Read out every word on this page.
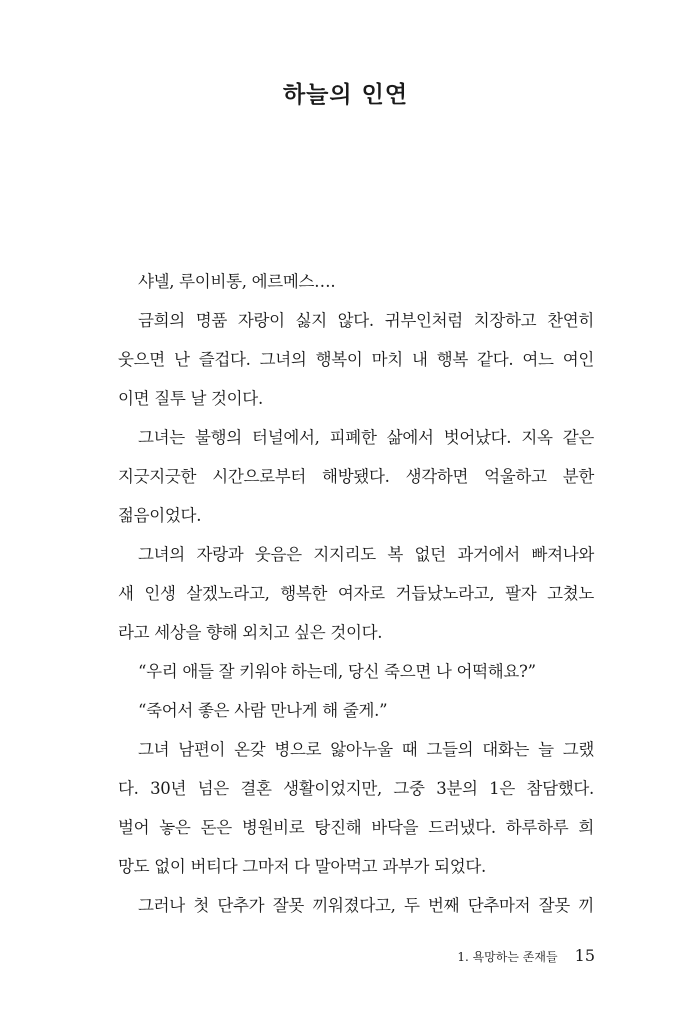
하늘의 인연
샤넬, 루이비통, 에르메스….
금희의 명품 자랑이 싫지 않다. 귀부인처럼 치장하고 찬연히
웃으면 난 즐겁다. 그녀의 행복이 마치 내 행복 같다. 여느 여인
이면 질투 날 것이다.
그녀는 불행의 터널에서, 피폐한 삶에서 벗어났다. 지옥 같은
지긋지긋한 시간으로부터 해방됐다. 생각하면 억울하고 분한
젊음이었다.
그녀의 자랑과 웃음은 지지리도 복 없던 과거에서 빠져나와
새 인생 살겠노라고, 행복한 여자로 거듭났노라고, 팔자 고쳤노
라고 세상을 향해 외치고 싶은 것이다.
“우리 애들 잘 키워야 하는데, 당신 죽으면 나 어떡해요?”
“죽어서 좋은 사람 만나게 해 줄게.”
그녀 남편이 온갖 병으로 앓아누울 때 그들의 대화는 늘 그랬
다. 30년 넘은 결혼 생활이었지만, 그중 3분의 1은 참담했다.
벌어 놓은 돈은 병원비로 탕진해 바닥을 드러냈다. 하루하루 희
망도 없이 버티다 그마저 다 말아먹고 과부가 되었다.
그러나 첫 단추가 잘못 끼워졌다고, 두 번째 단추마저 잘못 끼
1. 욕망하는 존재들 15
